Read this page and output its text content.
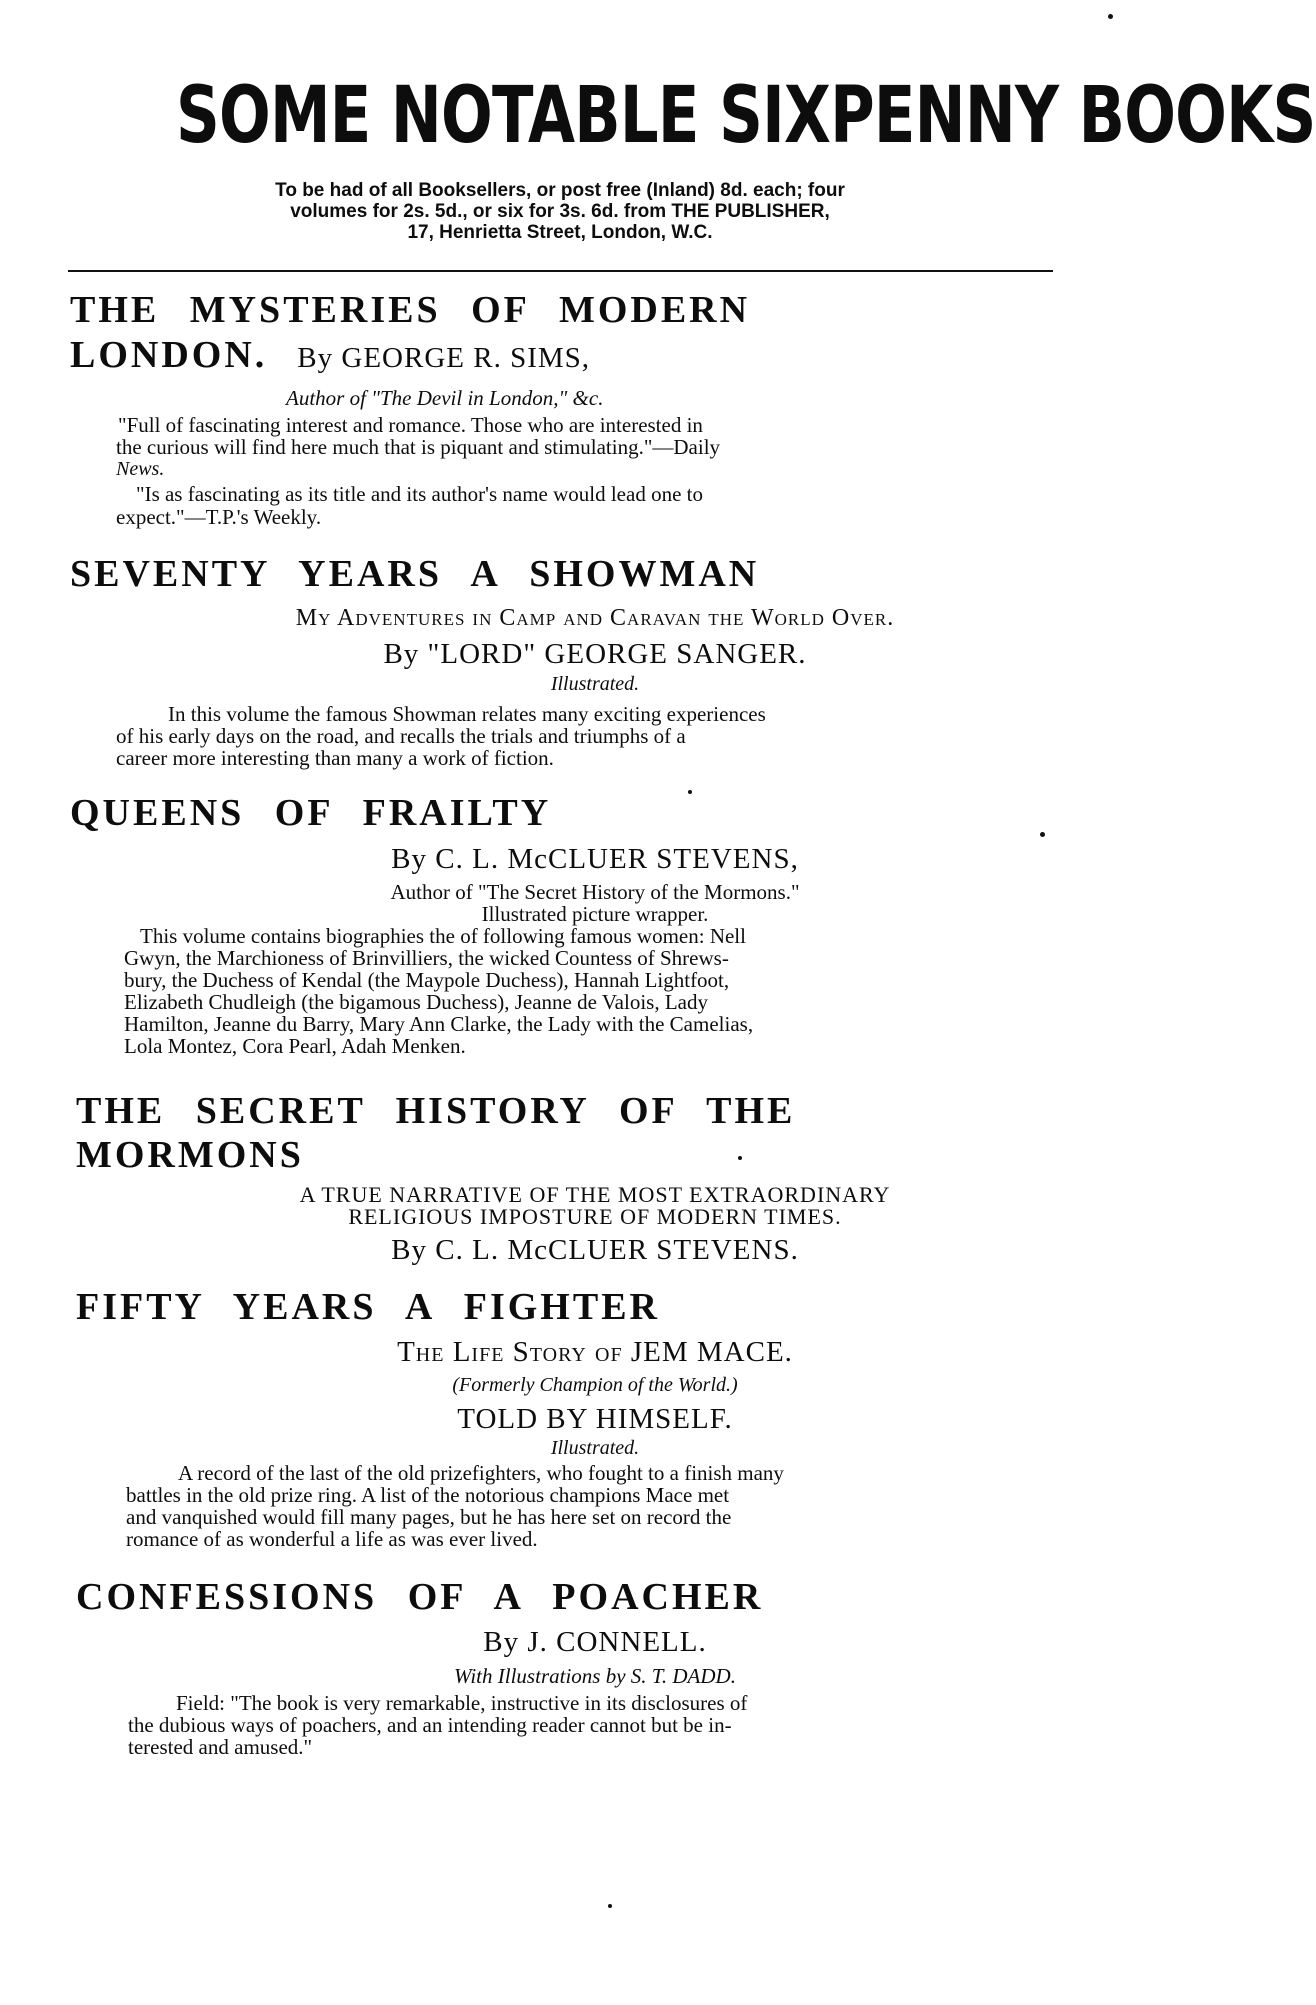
SOME NOTABLE SIXPENNY BOOKS
To be had of all Booksellers, or post free (Inland) 8d. each; four
volumes for 2s. 5d., or six for 3s. 6d. from THE PUBLISHER,
17, Henrietta Street, London, W.C.
THE MYSTERIES OF MODERN
LONDON. By GEORGE R. SIMS,
Author of "The Devil in London," &c.
"Full of fascinating interest and romance. Those who are interested in
the curious will find here much that is piquant and stimulating."—Daily
News.
"Is as fascinating as its title and its author's name would lead one to
expect."—T.P.'s Weekly.
SEVENTY YEARS A SHOWMAN
My Adventures in Camp and Caravan the World Over.
By "LORD" GEORGE SANGER.
Illustrated.
In this volume the famous Showman relates many exciting experiences
of his early days on the road, and recalls the trials and triumphs of a
career more interesting than many a work of fiction.
QUEENS OF FRAILTY
By C. L. McCLUER STEVENS,
Author of "The Secret History of the Mormons."
Illustrated picture wrapper.
This volume contains biographies the of following famous women: Nell
Gwyn, the Marchioness of Brinvilliers, the wicked Countess of Shrews-
bury, the Duchess of Kendal (the Maypole Duchess), Hannah Lightfoot,
Elizabeth Chudleigh (the bigamous Duchess), Jeanne de Valois, Lady
Hamilton, Jeanne du Barry, Mary Ann Clarke, the Lady with the Camelias,
Lola Montez, Cora Pearl, Adah Menken.
THE SECRET HISTORY OF THE
MORMONS
A TRUE NARRATIVE OF THE MOST EXTRAORDINARY
RELIGIOUS IMPOSTURE OF MODERN TIMES.
By C. L. McCLUER STEVENS.
FIFTY YEARS A FIGHTER
The Life Story of JEM MACE.
(Formerly Champion of the World.)
TOLD BY HIMSELF.
Illustrated.
A record of the last of the old prizefighters, who fought to a finish many
battles in the old prize ring. A list of the notorious champions Mace met
and vanquished would fill many pages, but he has here set on record the
romance of as wonderful a life as was ever lived.
CONFESSIONS OF A POACHER
By J. CONNELL.
With Illustrations by S. T. DADD.
Field: "The book is very remarkable, instructive in its disclosures of
the dubious ways of poachers, and an intending reader cannot but be in-
terested and amused."
